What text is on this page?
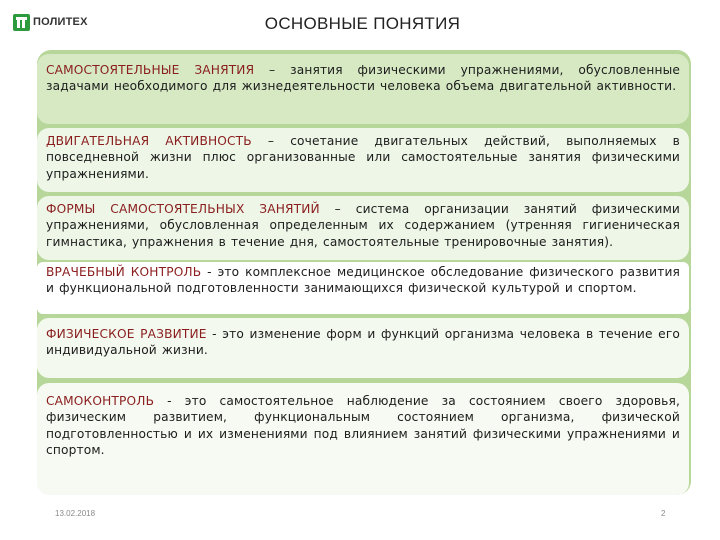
ПОЛИТЕХ	ОСНОВНЫЕ ПОНЯТИЯ
САМОСТОЯТЕЛЬНЫЕ ЗАНЯТИЯ – занятия физическими упражнениями, обусловленные задачами необходимого для жизнедеятельности человека объема двигательной активности.
ДВИГАТЕЛЬНАЯ АКТИВНОСТЬ – сочетание двигательных действий, выполняемых в повседневной жизни плюс организованные или самостоятельные занятия физическими упражнениями.
ФОРМЫ САМОСТОЯТЕЛЬНЫХ ЗАНЯТИЙ – система организации занятий физическими упражнениями, обусловленная определенным их содержанием (утренняя гигиеническая гимнастика, упражнения в течение дня, самостоятельные тренировочные занятия).
ВРАЧЕБНЫЙ КОНТРОЛЬ - это комплексное медицинское обследование физического развития и функциональной подготовленности занимающихся физической культурой и спортом.
ФИЗИЧЕСКОЕ РАЗВИТИЕ - это изменение форм и функций организма человека в течение его индивидуальной жизни.
САМОКОНТРОЛЬ - это самостоятельное наблюдение за состоянием своего здоровья, физическим развитием, функциональным состоянием организма, физической подготовленностью и их изменениями под влиянием занятий физическими упражнениями и спортом.
13.02.2018	2
